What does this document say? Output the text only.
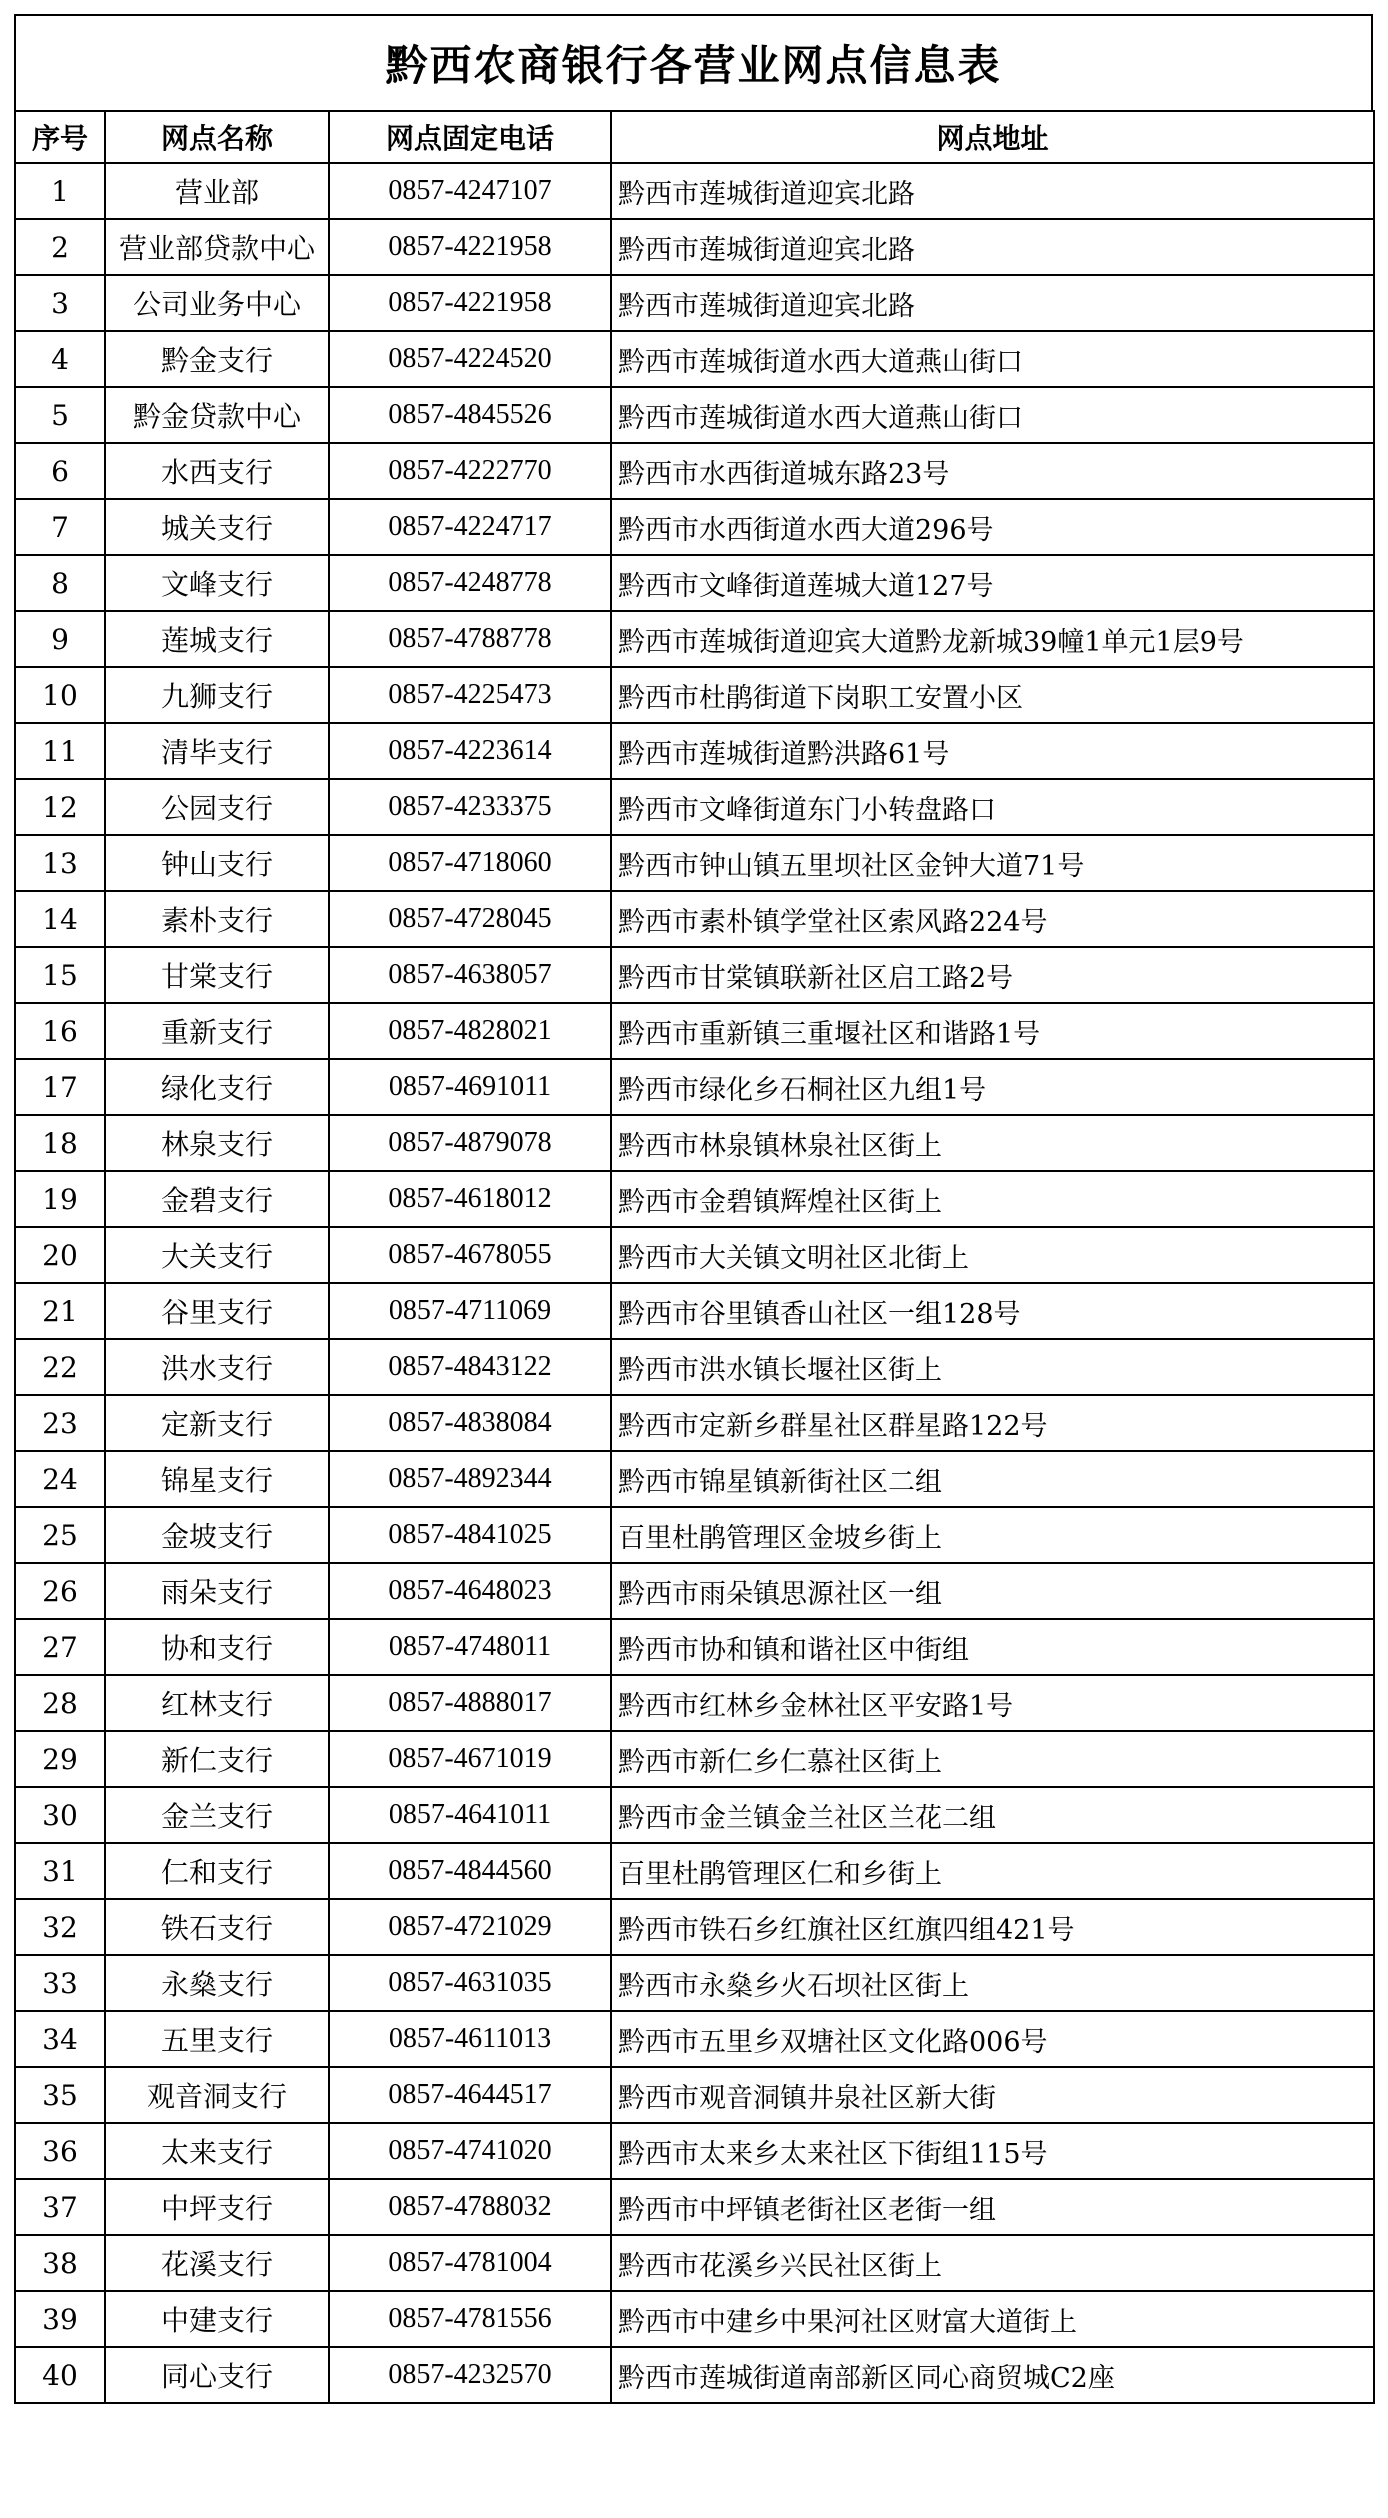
黔西农商银行各营业网点信息表
序号	网点名称	网点固定电话	网点地址
1	营业部	0857-4247107	黔西市莲城街道迎宾北路
2	营业部贷款中心	0857-4221958	黔西市莲城街道迎宾北路
3	公司业务中心	0857-4221958	黔西市莲城街道迎宾北路
4	黔金支行	0857-4224520	黔西市莲城街道水西大道燕山街口
5	黔金贷款中心	0857-4845526	黔西市莲城街道水西大道燕山街口
6	水西支行	0857-4222770	黔西市水西街道城东路23号
7	城关支行	0857-4224717	黔西市水西街道水西大道296号
8	文峰支行	0857-4248778	黔西市文峰街道莲城大道127号
9	莲城支行	0857-4788778	黔西市莲城街道迎宾大道黔龙新城39幢1单元1层9号
10	九狮支行	0857-4225473	黔西市杜鹃街道下岗职工安置小区
11	清毕支行	0857-4223614	黔西市莲城街道黔洪路61号
12	公园支行	0857-4233375	黔西市文峰街道东门小转盘路口
13	钟山支行	0857-4718060	黔西市钟山镇五里坝社区金钟大道71号
14	素朴支行	0857-4728045	黔西市素朴镇学堂社区索风路224号
15	甘棠支行	0857-4638057	黔西市甘棠镇联新社区启工路2号
16	重新支行	0857-4828021	黔西市重新镇三重堰社区和谐路1号
17	绿化支行	0857-4691011	黔西市绿化乡石桐社区九组1号
18	林泉支行	0857-4879078	黔西市林泉镇林泉社区街上
19	金碧支行	0857-4618012	黔西市金碧镇辉煌社区街上
20	大关支行	0857-4678055	黔西市大关镇文明社区北街上
21	谷里支行	0857-4711069	黔西市谷里镇香山社区一组128号
22	洪水支行	0857-4843122	黔西市洪水镇长堰社区街上
23	定新支行	0857-4838084	黔西市定新乡群星社区群星路122号
24	锦星支行	0857-4892344	黔西市锦星镇新街社区二组
25	金坡支行	0857-4841025	百里杜鹃管理区金坡乡街上
26	雨朵支行	0857-4648023	黔西市雨朵镇思源社区一组
27	协和支行	0857-4748011	黔西市协和镇和谐社区中街组
28	红林支行	0857-4888017	黔西市红林乡金林社区平安路1号
29	新仁支行	0857-4671019	黔西市新仁乡仁慕社区街上
30	金兰支行	0857-4641011	黔西市金兰镇金兰社区兰花二组
31	仁和支行	0857-4844560	百里杜鹃管理区仁和乡街上
32	铁石支行	0857-4721029	黔西市铁石乡红旗社区红旗四组421号
33	永燊支行	0857-4631035	黔西市永燊乡火石坝社区街上
34	五里支行	0857-4611013	黔西市五里乡双塘社区文化路006号
35	观音洞支行	0857-4644517	黔西市观音洞镇井泉社区新大街
36	太来支行	0857-4741020	黔西市太来乡太来社区下街组115号
37	中坪支行	0857-4788032	黔西市中坪镇老街社区老街一组
38	花溪支行	0857-4781004	黔西市花溪乡兴民社区街上
39	中建支行	0857-4781556	黔西市中建乡中果河社区财富大道街上
40	同心支行	0857-4232570	黔西市莲城街道南部新区同心商贸城C2座
